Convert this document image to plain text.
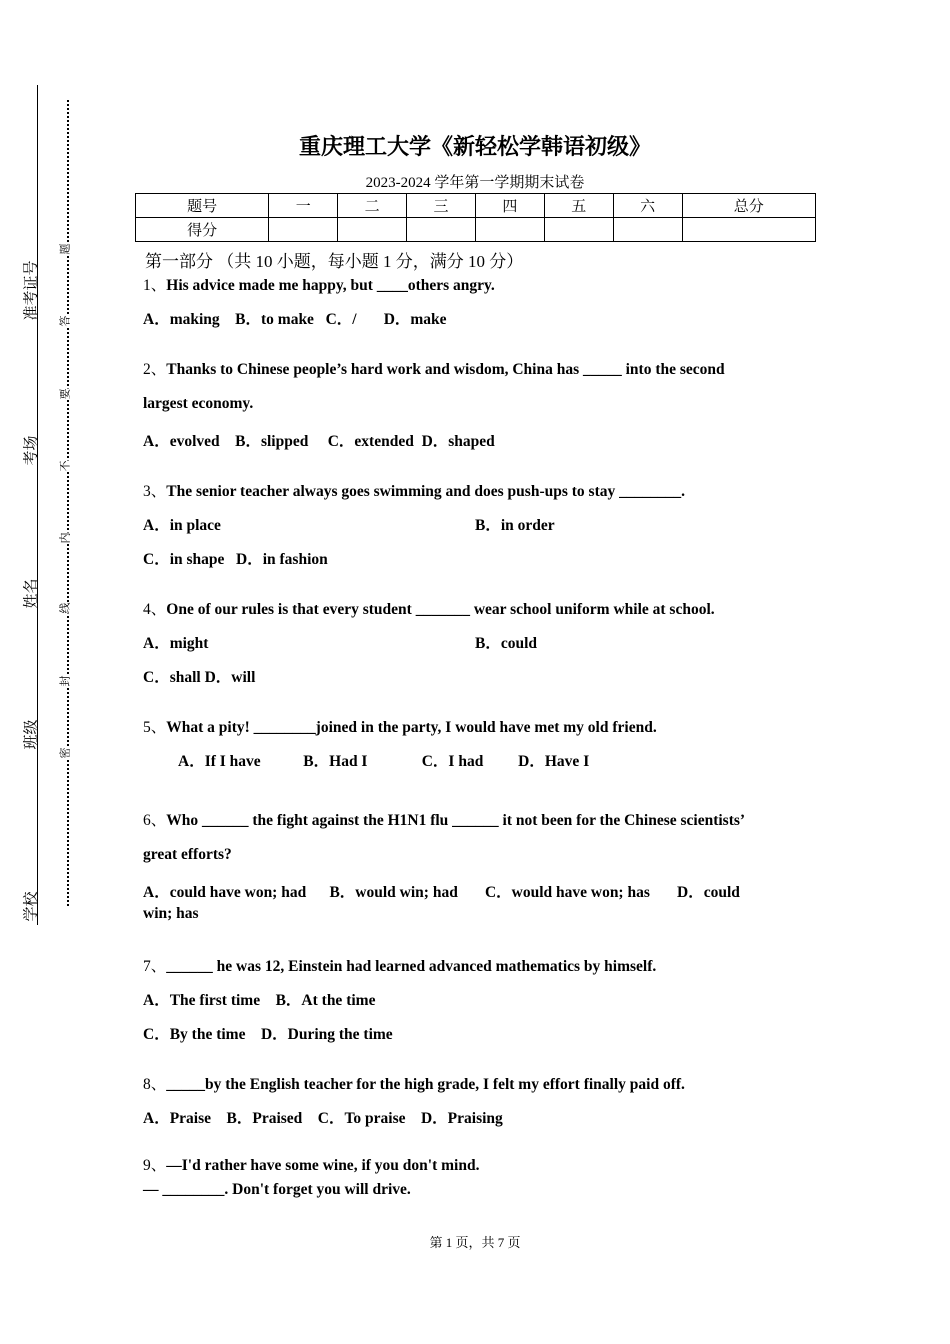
准考证号
考场
姓名
班级
学校
题
答
要
不
内
线
封
密
重庆理工大学《新轻松学韩语初级》
2023-2024 学年第一学期期末试卷
题号	一	二	三	四	五	六	总分
得分							
第一部分 （共 10 小题，每小题 1 分，满分 10 分）
1、His advice made me happy, but ____others angry.
A．making    B．to make   C．/       D．make
2、Thanks to Chinese people’s hard work and wisdom, China has _____ into the second
largest economy.
A．evolved    B．slipped     C．extended  D．shaped
3、The senior teacher always goes swimming and does push-ups to stay ________.
A．in place	B．in order
C．in shape   D．in fashion
4、One of our rules is that every student _______ wear school uniform while at school.
A．might	B．could
C．shall D．will
5、What a pity! ________joined in the party, I would have met my old friend.
A．If I have           B．Had I              C．I had         D．Have I
6、Who ______ the fight against the H1N1 flu ______ it not been for the Chinese scientists’
great efforts?
A．could have won; had      B．would win; had       C．would have won; has       D．could
win; has
7、______ he was 12, Einstein had learned advanced mathematics by himself.
A．The first time    B．At the time
C．By the time    D．During the time
8、_____by the English teacher for the high grade, I felt my effort finally paid off.
A．Praise    B．Praised    C．To praise    D．Praising
9、—I'd rather have some wine, if you don't mind.
— ________. Don't forget you will drive.
第 1 页，共 7 页
